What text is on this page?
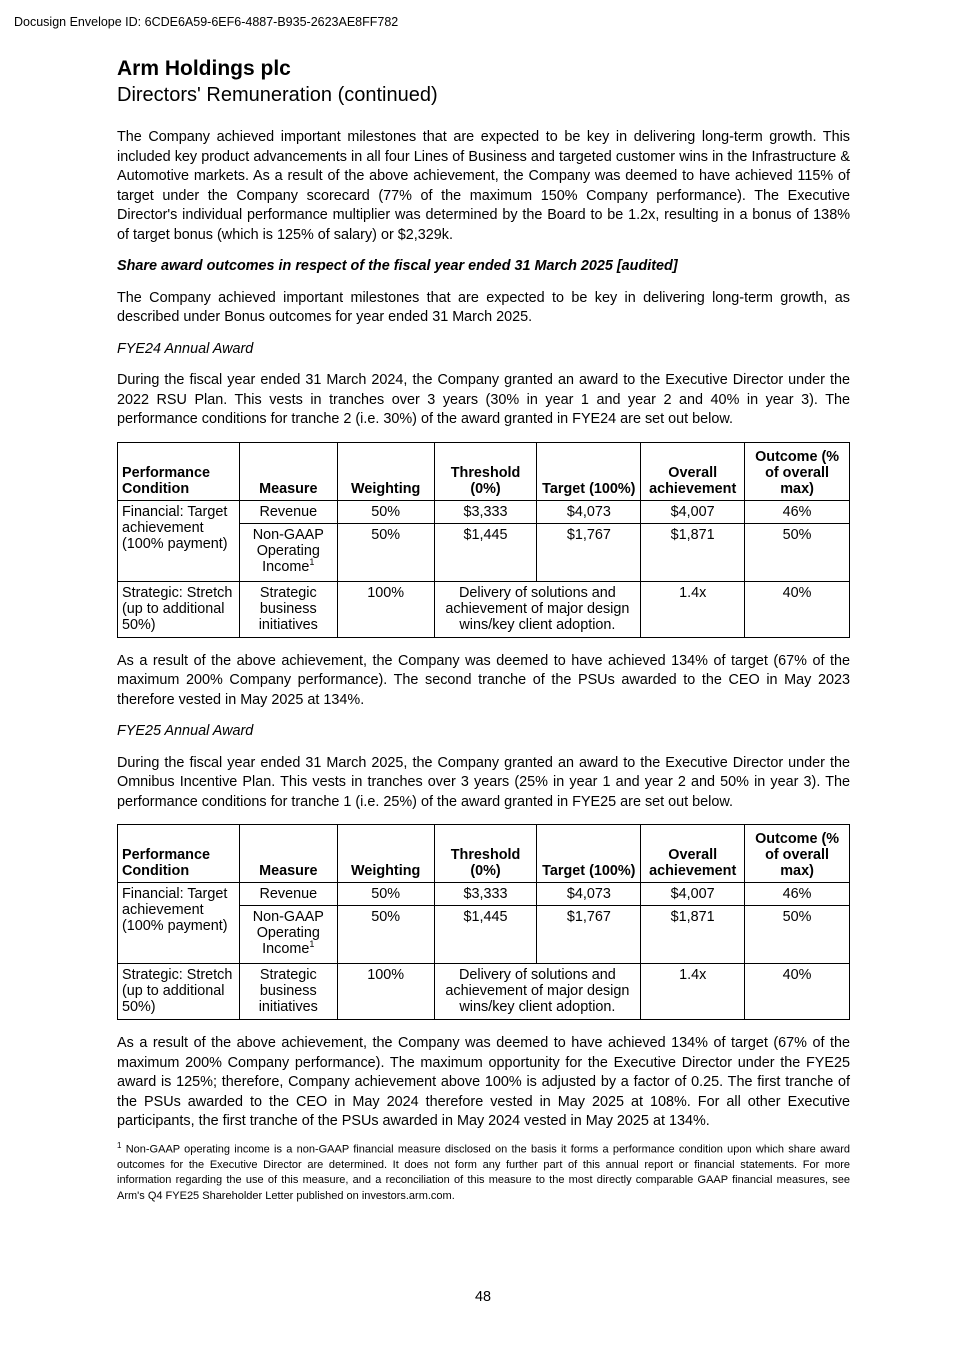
Docusign Envelope ID: 6CDE6A59-6EF6-4887-B935-2623AE8FF782
Arm Holdings plc
Directors' Remuneration (continued)

The Company achieved important milestones that are expected to be key in delivering long-term growth. This included key product advancements in all four Lines of Business and targeted customer wins in the Infrastructure & Automotive markets. As a result of the above achievement, the Company was deemed to have achieved 115% of target under the Company scorecard (77% of the maximum 150% Company performance). The Executive Director's individual performance multiplier was determined by the Board to be 1.2x, resulting in a bonus of 138% of target bonus (which is 125% of salary) or $2,329k.

Share award outcomes in respect of the fiscal year ended 31 March 2025 [audited]

The Company achieved important milestones that are expected to be key in delivering long-term growth, as described under Bonus outcomes for year ended 31 March 2025.

FYE24 Annual Award

During the fiscal year ended 31 March 2024, the Company granted an award to the Executive Director under the 2022 RSU Plan. This vests in tranches over 3 years (30% in year 1 and year 2 and 40% in year 3). The performance conditions for tranche 2 (i.e. 30%) of the award granted in FYE24 are set out below.

Performance Condition	Measure	Weighting	Threshold (0%)	Target (100%)	Overall achievement	Outcome (% of overall max)
Financial: Target achievement (100% payment)	Revenue	50%	$3,333	$4,073	$4,007	46%
	Non-GAAP Operating Income$^1$	50%	$1,445	$1,767	$1,871	50%
Strategic: Stretch (up to additional 50%)	Strategic business initiatives	100%	Delivery of solutions and achievement of major design wins/key client adoption.		1.4x	40%

As a result of the above achievement, the Company was deemed to have achieved 134% of target (67% of the maximum 200% Company performance). The second tranche of the PSUs awarded to the CEO in May 2023 therefore vested in May 2025 at 134%.

FYE25 Annual Award

During the fiscal year ended 31 March 2025, the Company granted an award to the Executive Director under the Omnibus Incentive Plan. This vests in tranches over 3 years (25% in year 1 and year 2 and 50% in year 3). The performance conditions for tranche 1 (i.e. 25%) of the award granted in FYE25 are set out below.

Performance Condition	Measure	Weighting	Threshold (0%)	Target (100%)	Overall achievement	Outcome (% of overall max)
Financial: Target achievement (100% payment)	Revenue	50%	$3,333	$4,073	$4,007	46%
	Non-GAAP Operating Income$^1$	50%	$1,445	$1,767	$1,871	50%
Strategic: Stretch (up to additional 50%)	Strategic business initiatives	100%	Delivery of solutions and achievement of major design wins/key client adoption.		1.4x	40%

As a result of the above achievement, the Company was deemed to have achieved 134% of target (67% of the maximum 200% Company performance). The maximum opportunity for the Executive Director under the FYE25 award is 125%; therefore, Company achievement above 100% is adjusted by a factor of 0.25. The first tranche of the PSUs awarded to the CEO in May 2024 therefore vested in May 2025 at 108%. For all other Executive participants, the first tranche of the PSUs awarded in May 2024 vested in May 2025 at 134%.

$^1$ Non-GAAP operating income is a non-GAAP financial measure disclosed on the basis it forms a performance condition upon which share award outcomes for the Executive Director are determined. It does not form any further part of this annual report or financial statements. For more information regarding the use of this measure, and a reconciliation of this measure to the most directly comparable GAAP financial measures, see Arm's Q4 FYE25 Shareholder Letter published on investors.arm.com.

48
